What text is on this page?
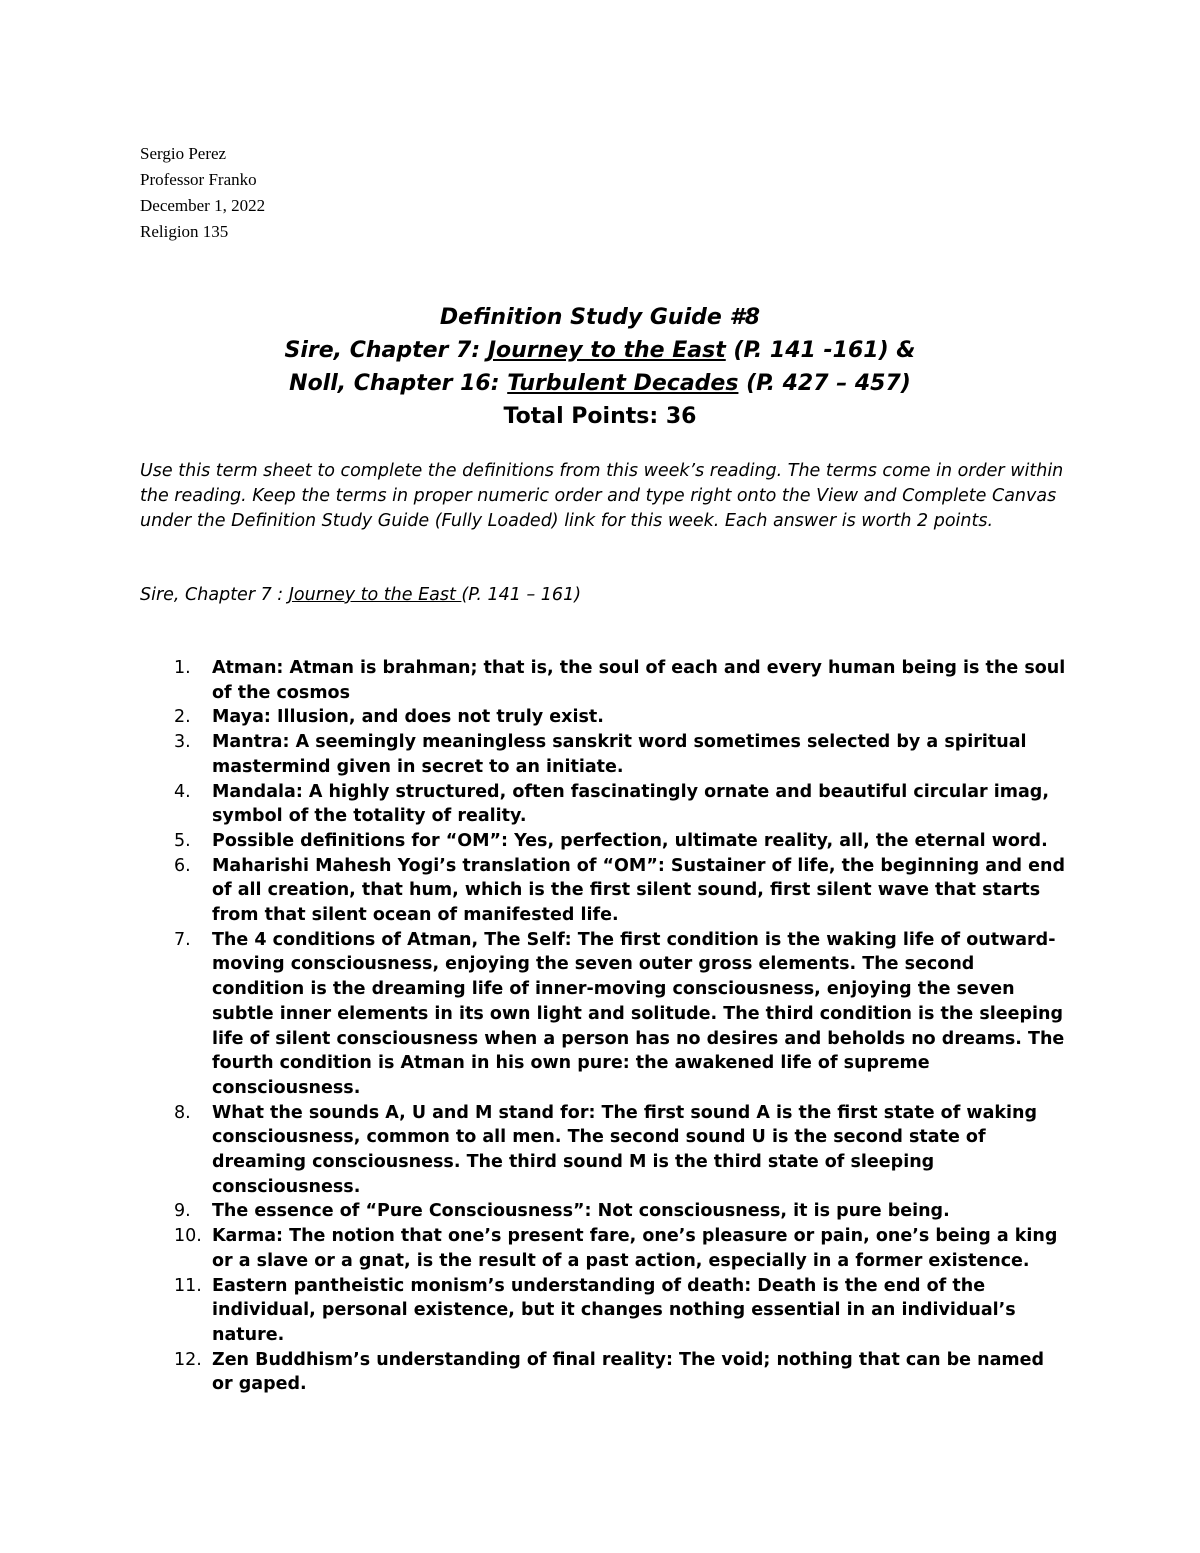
Sergio Perez
Professor Franko
December 1, 2022
Religion 135
Definition Study Guide #8
Sire, Chapter 7: Journey to the East (P. 141 -161) &
Noll, Chapter 16: Turbulent Decades (P. 427 – 457)
Total Points: 36
Use this term sheet to complete the definitions from this week’s reading. The terms come in order within the reading. Keep the terms in proper numeric order and type right onto the View and Complete Canvas under the Definition Study Guide (Fully Loaded) link for this week. Each answer is worth 2 points.
Sire, Chapter 7 : Journey to the East (P. 141 – 161)
1. Atman: Atman is brahman; that is, the soul of each and every human being is the soul of the cosmos
2. Maya: Illusion, and does not truly exist.
3. Mantra: A seemingly meaningless sanskrit word sometimes selected by a spiritual mastermind given in secret to an initiate.
4. Mandala: A highly structured, often fascinatingly ornate and beautiful circular imag, symbol of the totality of reality.
5. Possible definitions for “OM”: Yes, perfection, ultimate reality, all, the eternal word.
6. Maharishi Mahesh Yogi’s translation of “OM”: Sustainer of life, the beginning and end of all creation, that hum, which is the first silent sound, first silent wave that starts from that silent ocean of manifested life.
7. The 4 conditions of Atman, The Self: The first condition is the waking life of outward-moving consciousness, enjoying the seven outer gross elements. The second condition is the dreaming life of inner-moving consciousness, enjoying the seven subtle inner elements in its own light and solitude. The third condition is the sleeping life of silent consciousness when a person has no desires and beholds no dreams. The fourth condition is Atman in his own pure: the awakened life of supreme consciousness.
8. What the sounds A, U and M stand for: The first sound A is the first state of waking consciousness, common to all men. The second sound U is the second state of dreaming consciousness. The third sound M is the third state of sleeping consciousness.
9. The essence of “Pure Consciousness”: Not consciousness, it is pure being.
10. Karma: The notion that one’s present fare, one’s pleasure or pain, one’s being a king or a slave or a gnat, is the result of a past action, especially in a former existence.
11. Eastern pantheistic monism’s understanding of death: Death is the end of the individual, personal existence, but it changes nothing essential in an individual’s nature.
12. Zen Buddhism’s understanding of final reality: The void; nothing that can be named or gaped.
